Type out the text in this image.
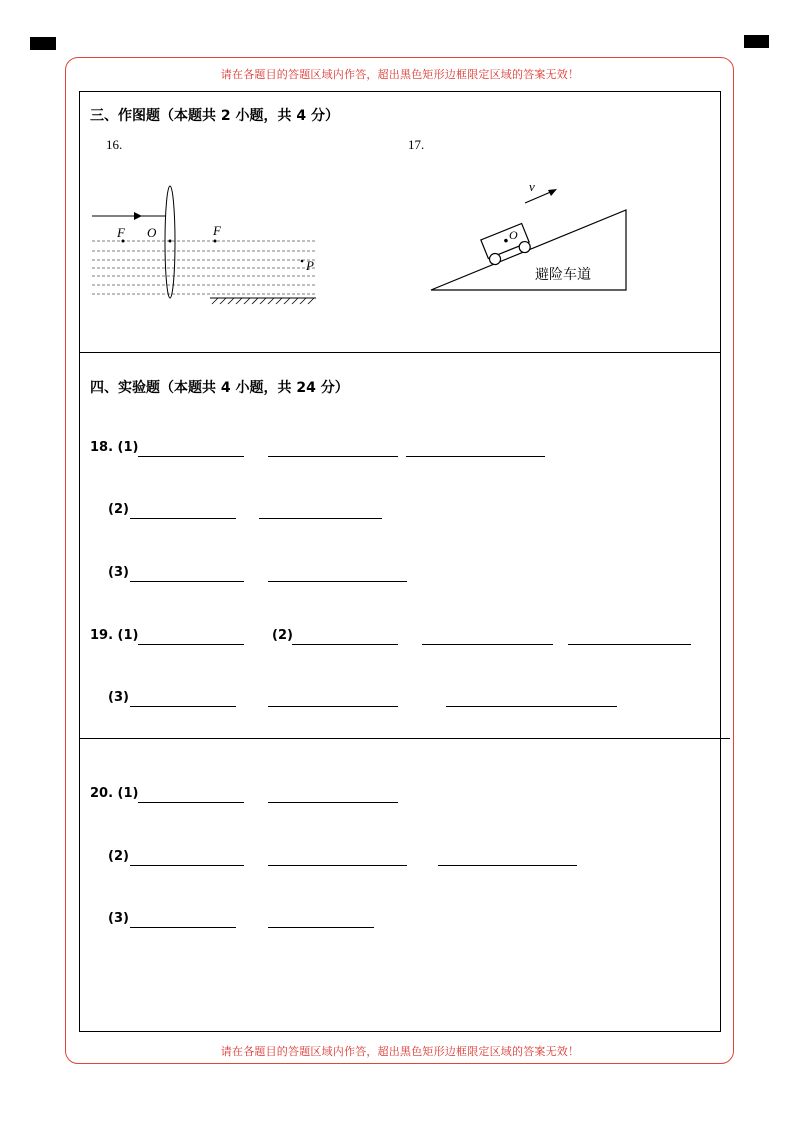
请在各题目的答题区域内作答，超出黑色矩形边框限定区域的答案无效！
请在各题目的答题区域内作答，超出黑色矩形边框限定区域的答案无效！
三、作图题（本题共 2 小题，共 4 分）
16.	17.
F O	F
P
v
O
避险车道
四、实验题（本题共 4 小题，共 24 分）
18. (1)
(2)
(3)
19. (1)	(2)
(3)
20. (1)
(2)
(3)
